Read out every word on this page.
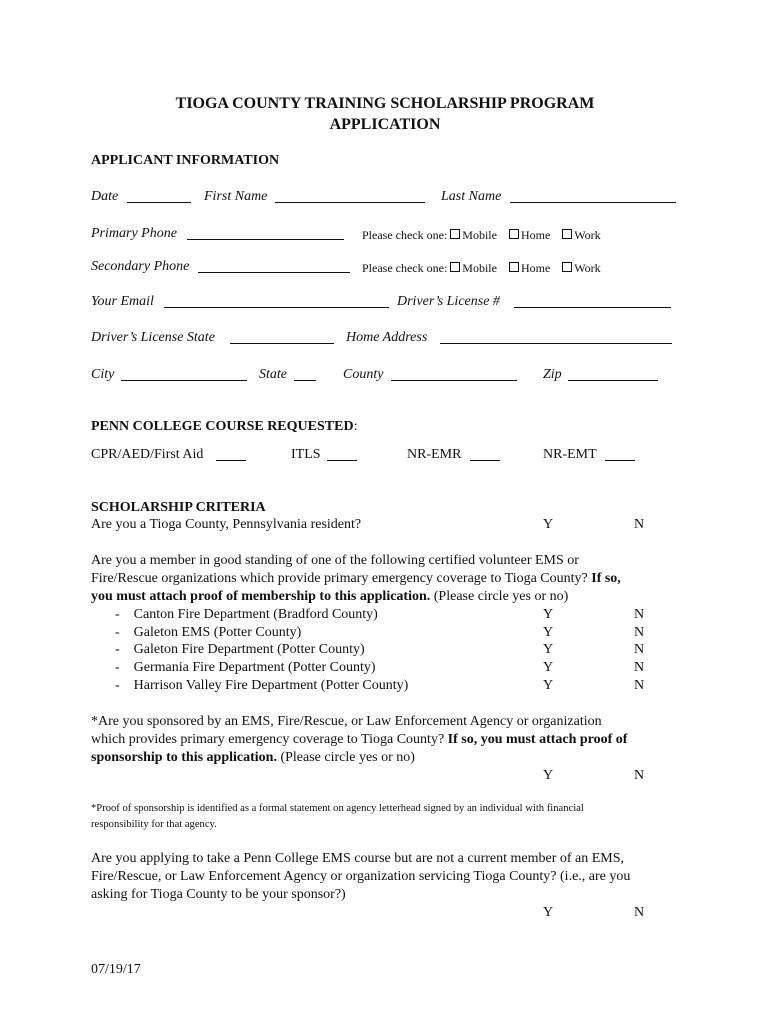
TIOGA COUNTY TRAINING SCHOLARSHIP PROGRAM
APPLICATION
APPLICANT INFORMATION
Date	First Name	Last Name
Primary Phone	Please check one: Mobile Home Work
Secondary Phone	Please check one: Mobile Home Work
Your Email	Driver’s License #
Driver’s License State	Home Address
City	State	County	Zip
PENN COLLEGE COURSE REQUESTED:
CPR/AED/First Aid	ITLS	NR-EMR	NR-EMT
SCHOLARSHIP CRITERIA
Are you a Tioga County, Pennsylvania resident?	Y	N
Are you a member in good standing of one of the following certified volunteer EMS or
Fire/Rescue organizations which provide primary emergency coverage to Tioga County? If so,
you must attach proof of membership to this application. (Please circle yes or no)
-    Canton Fire Department (Bradford County)	Y	N
-    Galeton EMS (Potter County)	Y	N
-    Galeton Fire Department (Potter County)	Y	N
-    Germania Fire Department (Potter County)	Y	N
-    Harrison Valley Fire Department (Potter County)	Y	N
*Are you sponsored by an EMS, Fire/Rescue, or Law Enforcement Agency or organization
which provides primary emergency coverage to Tioga County? If so, you must attach proof of
sponsorship to this application. (Please circle yes or no)
Y	N
*Proof of sponsorship is identified as a formal statement on agency letterhead signed by an individual with financial
responsibility for that agency.
Are you applying to take a Penn College EMS course but are not a current member of an EMS,
Fire/Rescue, or Law Enforcement Agency or organization servicing Tioga County? (i.e., are you
asking for Tioga County to be your sponsor?)
Y	N
07/19/17
